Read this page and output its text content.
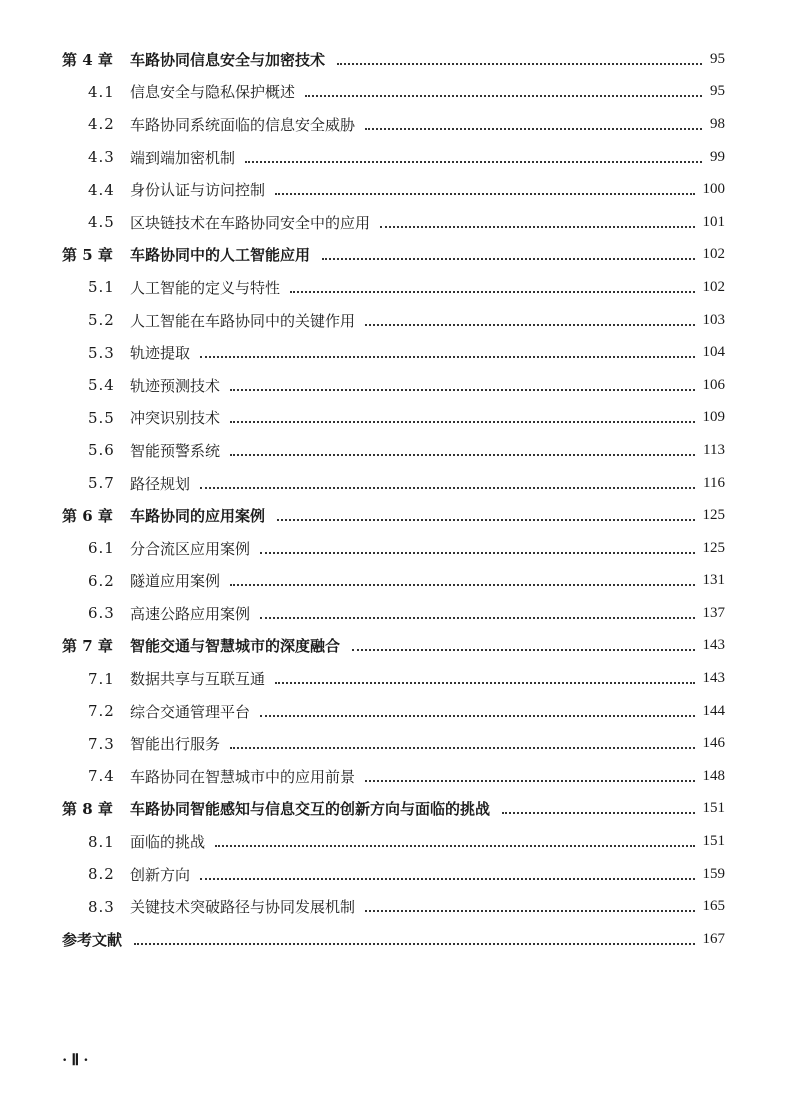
第 4 章	车路协同信息安全与加密技术	95
4.1	信息安全与隐私保护概述	95
4.2	车路协同系统面临的信息安全威胁	98
4.3	端到端加密机制	99
4.4	身份认证与访问控制	100
4.5	区块链技术在车路协同安全中的应用	101
第 5 章	车路协同中的人工智能应用	102
5.1	人工智能的定义与特性	102
5.2	人工智能在车路协同中的关键作用	103
5.3	轨迹提取	104
5.4	轨迹预测技术	106
5.5	冲突识别技术	109
5.6	智能预警系统	113
5.7	路径规划	116
第 6 章	车路协同的应用案例	125
6.1	分合流区应用案例	125
6.2	隧道应用案例	131
6.3	高速公路应用案例	137
第 7 章	智能交通与智慧城市的深度融合	143
7.1	数据共享与互联互通	143
7.2	综合交通管理平台	144
7.3	智能出行服务	146
7.4	车路协同在智慧城市中的应用前景	148
第 8 章	车路协同智能感知与信息交互的创新方向与面临的挑战	151
8.1	面临的挑战	151
8.2	创新方向	159
8.3	关键技术突破路径与协同发展机制	165
参考文献	167
· Ⅱ ·
